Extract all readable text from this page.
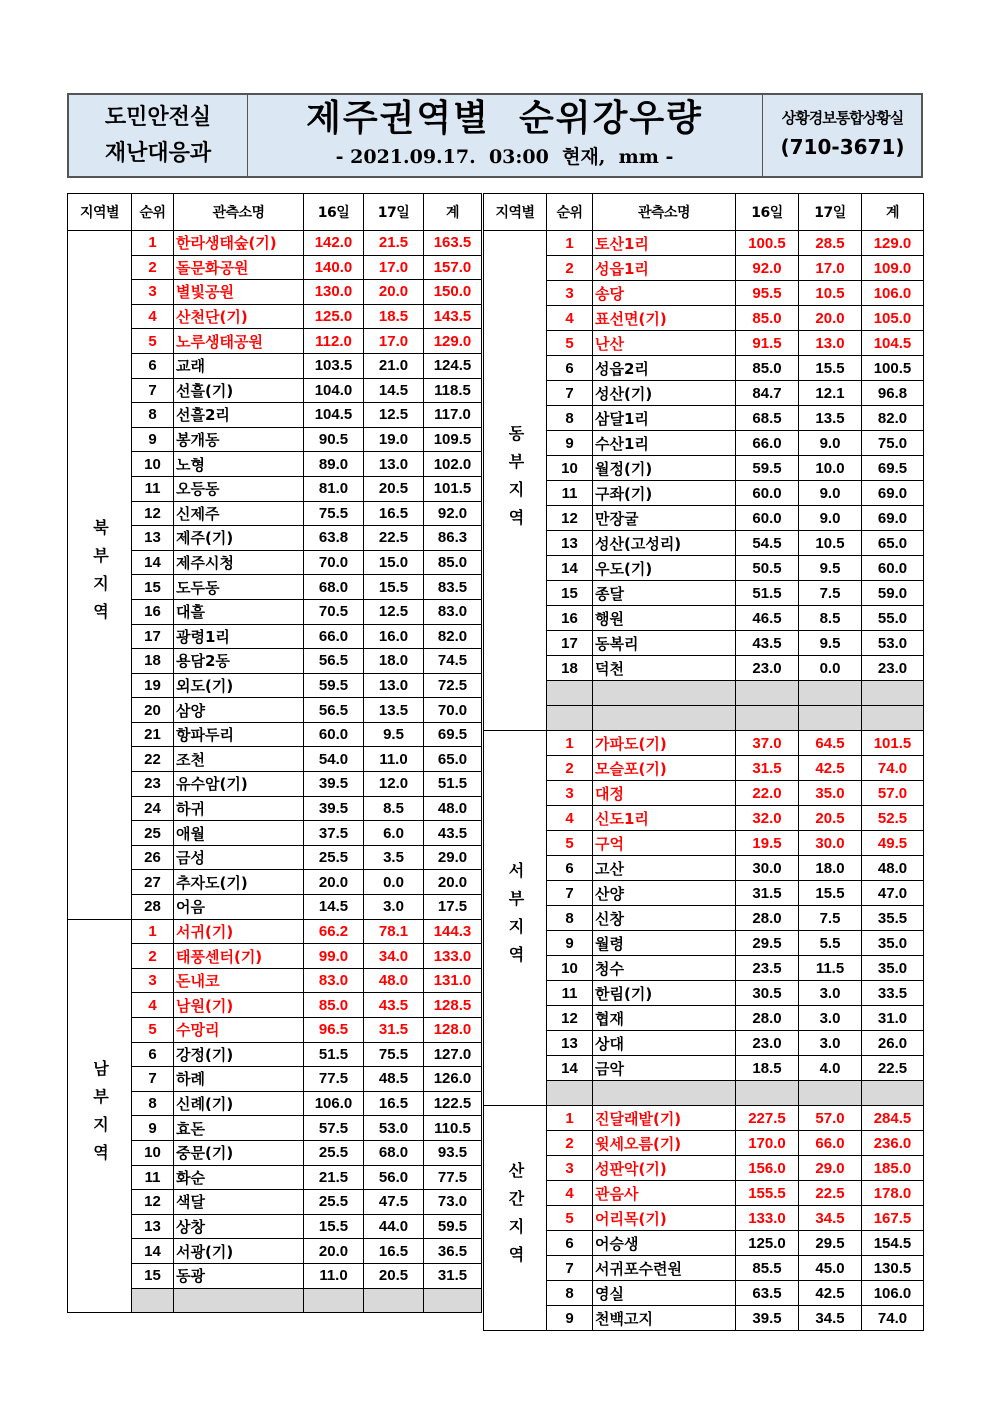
도민안전실
재난대응과
제주권역별  순위강우량
- 2021.09.17.  03:00  현재,  mm -
상황경보통합상황실
(710-3671)
지역별	순위	관측소명	16일	17일	계

북부지역	1	한라생태숲(기)	142.0	21.5	163.5
	2	돌문화공원	140.0	17.0	157.0
	3	별빛공원	130.0	20.0	150.0
	4	산천단(기)	125.0	18.5	143.5
	5	노루생태공원	112.0	17.0	129.0
	6	교래	103.5	21.0	124.5
	7	선흘(기)	104.0	14.5	118.5
	8	선흘2리	104.5	12.5	117.0
	9	봉개동	90.5	19.0	109.5
	10	노형	89.0	13.0	102.0
	11	오등동	81.0	20.5	101.5
	12	신제주	75.5	16.5	92.0
	13	제주(기)	63.8	22.5	86.3
	14	제주시청	70.0	15.0	85.0
	15	도두동	68.0	15.5	83.5
	16	대흘	70.5	12.5	83.0
	17	광령1리	66.0	16.0	82.0
	18	용담2동	56.5	18.0	74.5
	19	외도(기)	59.5	13.0	72.5
	20	삼양	56.5	13.5	70.0
	21	항파두리	60.0	9.5	69.5
	22	조천	54.0	11.0	65.0
	23	유수암(기)	39.5	12.0	51.5
	24	하귀	39.5	8.5	48.0
	25	애월	37.5	6.0	43.5
	26	금성	25.5	3.5	29.0
	27	추자도(기)	20.0	0.0	20.0
	28	어음	14.5	3.0	17.5

남부지역	1	서귀(기)	66.2	78.1	144.3
	2	태풍센터(기)	99.0	34.0	133.0
	3	돈내코	83.0	48.0	131.0
	4	남원(기)	85.0	43.5	128.5
	5	수망리	96.5	31.5	128.0
	6	강정(기)	51.5	75.5	127.0
	7	하례	77.5	48.5	126.0
	8	신례(기)	106.0	16.5	122.5
	9	효돈	57.5	53.0	110.5
	10	중문(기)	25.5	68.0	93.5
	11	화순	21.5	56.0	77.5
	12	색달	25.5	47.5	73.0
	13	상창	15.5	44.0	59.5
	14	서광(기)	20.0	16.5	36.5
	15	동광	11.0	20.5	31.5

지역별	순위	관측소명	16일	17일	계

동부지역	1	토산1리	100.5	28.5	129.0
	2	성읍1리	92.0	17.0	109.0
	3	송당	95.5	10.5	106.0
	4	표선면(기)	85.0	20.0	105.0
	5	난산	91.5	13.0	104.5
	6	성읍2리	85.0	15.5	100.5
	7	성산(기)	84.7	12.1	96.8
	8	삼달1리	68.5	13.5	82.0
	9	수산1리	66.0	9.0	75.0
	10	월정(기)	59.5	10.0	69.5
	11	구좌(기)	60.0	9.0	69.0
	12	만장굴	60.0	9.0	69.0
	13	성산(고성리)	54.5	10.5	65.0
	14	우도(기)	50.5	9.5	60.0
	15	종달	51.5	7.5	59.0
	16	행원	46.5	8.5	55.0
	17	동복리	43.5	9.5	53.0
	18	덕천	23.0	0.0	23.0

서부지역	1	가파도(기)	37.0	64.5	101.5
	2	모슬포(기)	31.5	42.5	74.0
	3	대정	22.0	35.0	57.0
	4	신도1리	32.0	20.5	52.5
	5	구억	19.5	30.0	49.5
	6	고산	30.0	18.0	48.0
	7	산양	31.5	15.5	47.0
	8	신창	28.0	7.5	35.5
	9	월령	29.5	5.5	35.0
	10	청수	23.5	11.5	35.0
	11	한림(기)	30.5	3.0	33.5
	12	협재	28.0	3.0	31.0
	13	상대	23.0	3.0	26.0
	14	금악	18.5	4.0	22.5

산간지역	1	진달래밭(기)	227.5	57.0	284.5
	2	윗세오름(기)	170.0	66.0	236.0
	3	성판악(기)	156.0	29.0	185.0
	4	관음사	155.5	22.5	178.0
	5	어리목(기)	133.0	34.5	167.5
	6	어승생	125.0	29.5	154.5
	7	서귀포수련원	85.5	45.0	130.5
	8	영실	63.5	42.5	106.0
	9	천백고지	39.5	34.5	74.0
